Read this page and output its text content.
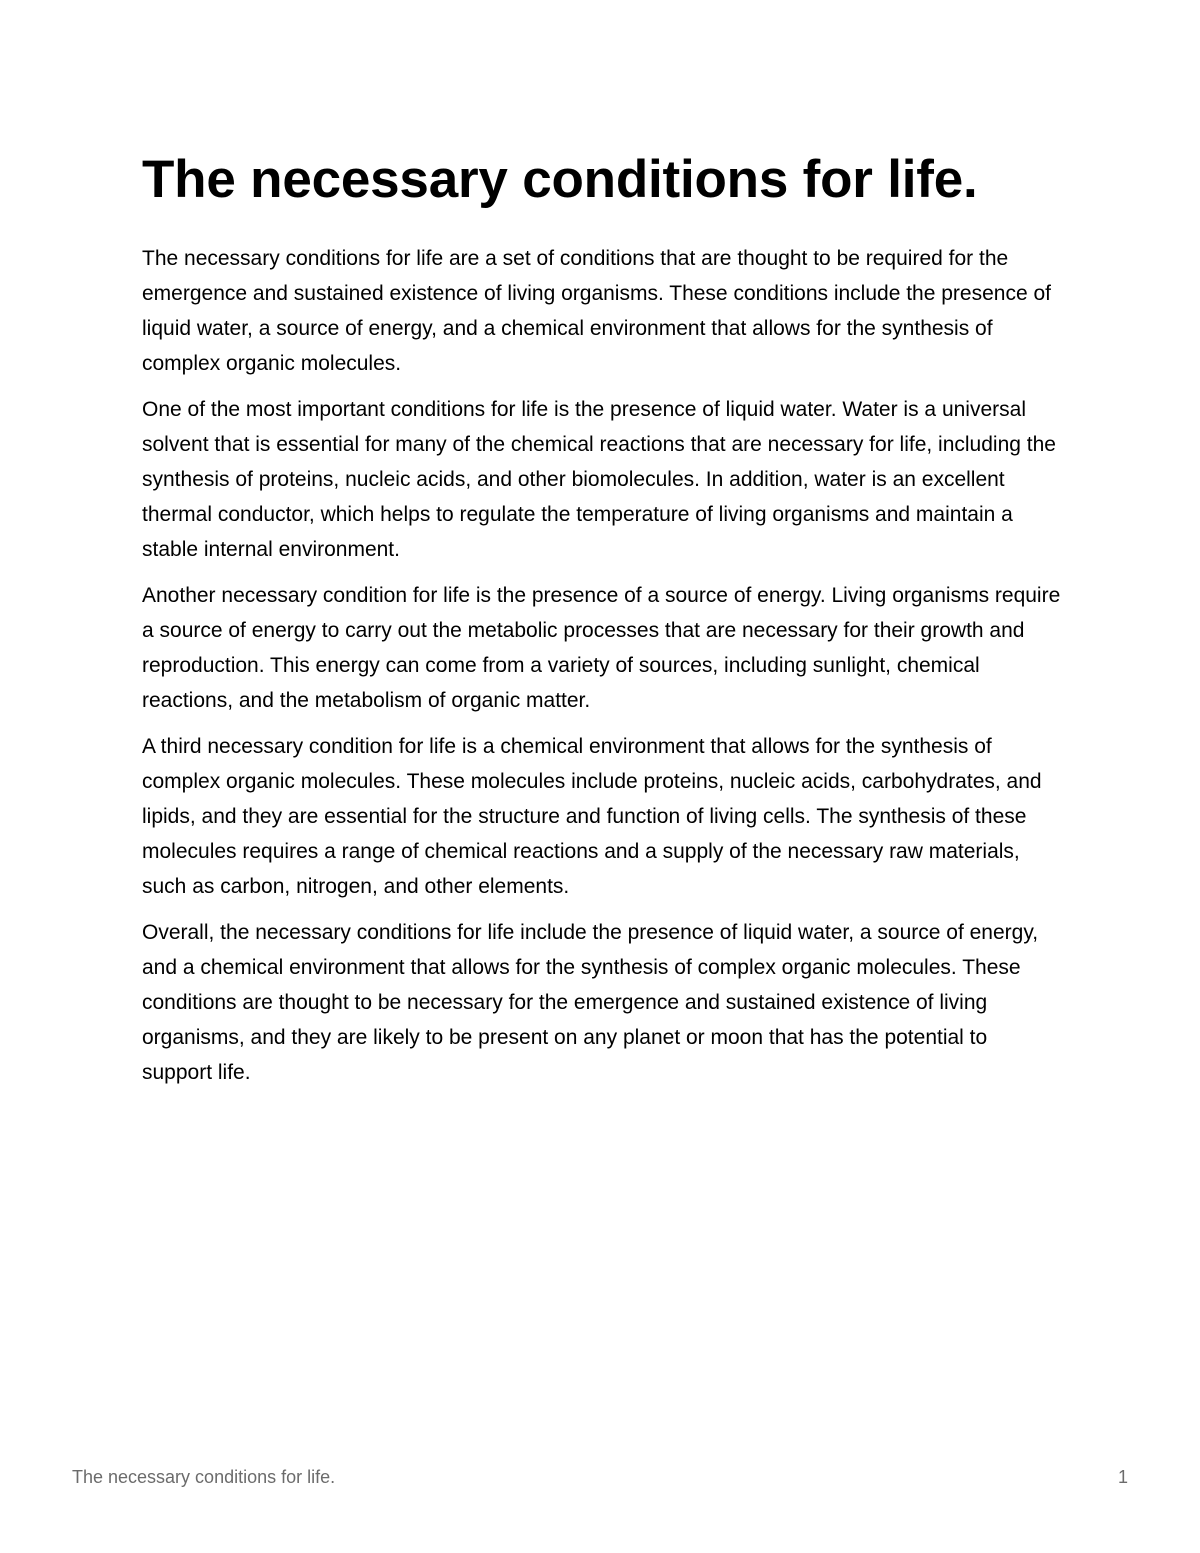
The necessary conditions for life.

The necessary conditions for life are a set of conditions that are thought to be required for the emergence and sustained existence of living organisms. These conditions include the presence of liquid water, a source of energy, and a chemical environment that allows for the synthesis of complex organic molecules.

One of the most important conditions for life is the presence of liquid water. Water is a universal solvent that is essential for many of the chemical reactions that are necessary for life, including the synthesis of proteins, nucleic acids, and other biomolecules. In addition, water is an excellent thermal conductor, which helps to regulate the temperature of living organisms and maintain a stable internal environment.

Another necessary condition for life is the presence of a source of energy. Living organisms require a source of energy to carry out the metabolic processes that are necessary for their growth and reproduction. This energy can come from a variety of sources, including sunlight, chemical reactions, and the metabolism of organic matter.

A third necessary condition for life is a chemical environment that allows for the synthesis of complex organic molecules. These molecules include proteins, nucleic acids, carbohydrates, and lipids, and they are essential for the structure and function of living cells. The synthesis of these molecules requires a range of chemical reactions and a supply of the necessary raw materials, such as carbon, nitrogen, and other elements.

Overall, the necessary conditions for life include the presence of liquid water, a source of energy, and a chemical environment that allows for the synthesis of complex organic molecules. These conditions are thought to be necessary for the emergence and sustained existence of living organisms, and they are likely to be present on any planet or moon that has the potential to support life.

The necessary conditions for life.	1
